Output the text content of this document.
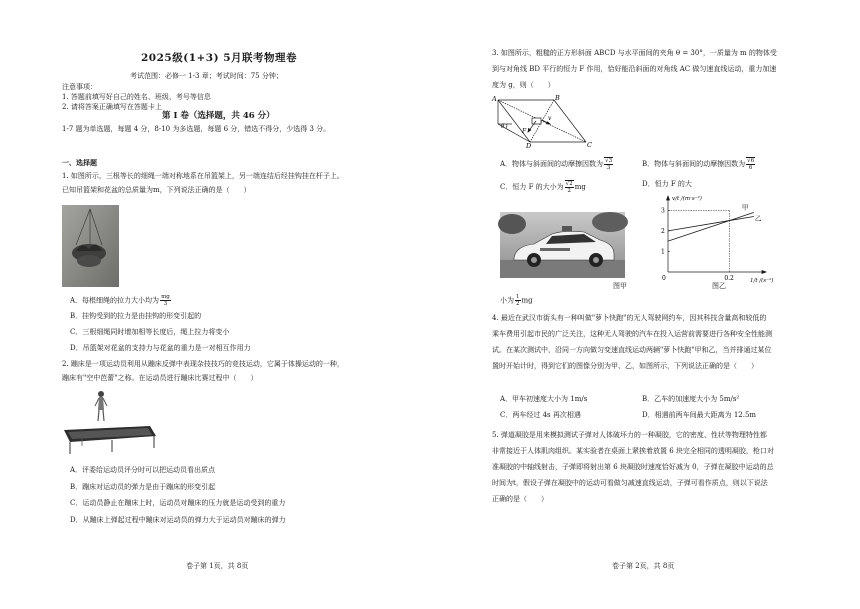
2025级(1+3) 5月联考物理卷
考试范围：必修一 1-3 章；考试时间：75 分钟；
注意事项：
1. 答题前填写好自己的姓名、班级、考号等信息
2. 请将答案正确填写在答题卡上
第 I 卷（选择题，共 46 分）
1-7 题为单选题，每题 4 分，8-10 为多选题，每题 6 分，错选不得分，少选得 3 分。
一、选择题
1. 如图所示，三根等长的细绳一端对称地系在吊篮架上，另一端连结后经挂钩挂在杆子上。
已知吊篮架和花盆的总质量为m，下列说法正确的是（　　）
A．每根细绳的拉力大小均为 $\frac{mg}{3}$
B．挂钩受到的拉力是由挂钩的形变引起的
C．三根细绳同时增加相等长度后，绳上拉力将变小
D．吊篮架对花盆的支持力与花盆的重力是一对相互作用力
2. 蹦床是一项运动员利用从蹦床反弹中表现杂技技巧的竞技运动，它属于体操运动的一种，
蹦床有"空中芭蕾"之称。在运动员进行蹦床比赛过程中（　　）
A．评委给运动员评分时可以把运动员看出质点
B．蹦床对运动员的弹力是由于蹦床的形变引起
C．运动员静止在蹦床上时，运动员对蹦床的压力就是运动受到的重力
D．从蹦床上弹起过程中蹦床对运动员的弹力大于运动员对蹦床的弹力
卷子第 1页，共 8页
3. 如图所示，粗糙的正方形斜面 ABCD 与水平面间的夹角 θ = 30°，一质量为 m 的物体受
到与对角线 BD 平行的恒力 F 作用，恰好能沿斜面的对角线 AC 做匀速直线运动，重力加速
度为 g，则（　　）
A	B
C
D
F
v
θ
A．物体与斜面间的动摩擦因数为 $\frac{√3}{3}$	B．物体与斜面间的动摩擦因数为 $\frac{√6}{6}$
C．恒力 F 的大小为 $\frac{√2}{2}$ mg	D．恒力 F 的大
图甲
小为 $\frac{1}{2}$ mg
3
2
1
0	0.2
甲
乙
v/t /(m·s⁻²)
1/t /(s⁻¹)
图乙
4. 最近在武汉市街头有一种叫做"萝卜快跑"的无人驾驶网约车，因其科技含量高和较低的
乘车费用引起市民的广泛关注，这种无人驾驶的汽车在投入运营前需要进行各种安全性能测
试。在某次测试中，沿同一方向做匀变速直线运动两辆"萝卜快跑"甲和乙，当并排通过某位
置时开始计时，得到它们的图像分别为甲、乙，如图所示，下列说法正确的是（　　）
A．甲车初速度大小为 1m/s	B．乙车的加速度大小为 5m/s²
C．两车经过 4s 再次相遇	D．相遇前两车间最大距离为 12.5m
5. 弹道凝胶是用来模拟测试子弹对人体破坏力的一种凝胶，它的密度、性状等物理特性都
非常接近于人体肌肉组织。某实验者在桌面上紧挨着放置 6 块完全相同的透明凝胶，枪口对
准凝胶的中轴线射击，子弹即将射出第 6 块凝胶时速度恰好减为 0，子弹在凝胶中运动的总
时间为t，假设子弹在凝胶中的运动可看做匀减速直线运动，子弹可看作质点，则以下说法
正确的是（　　）
卷子第 2页，共 8页
